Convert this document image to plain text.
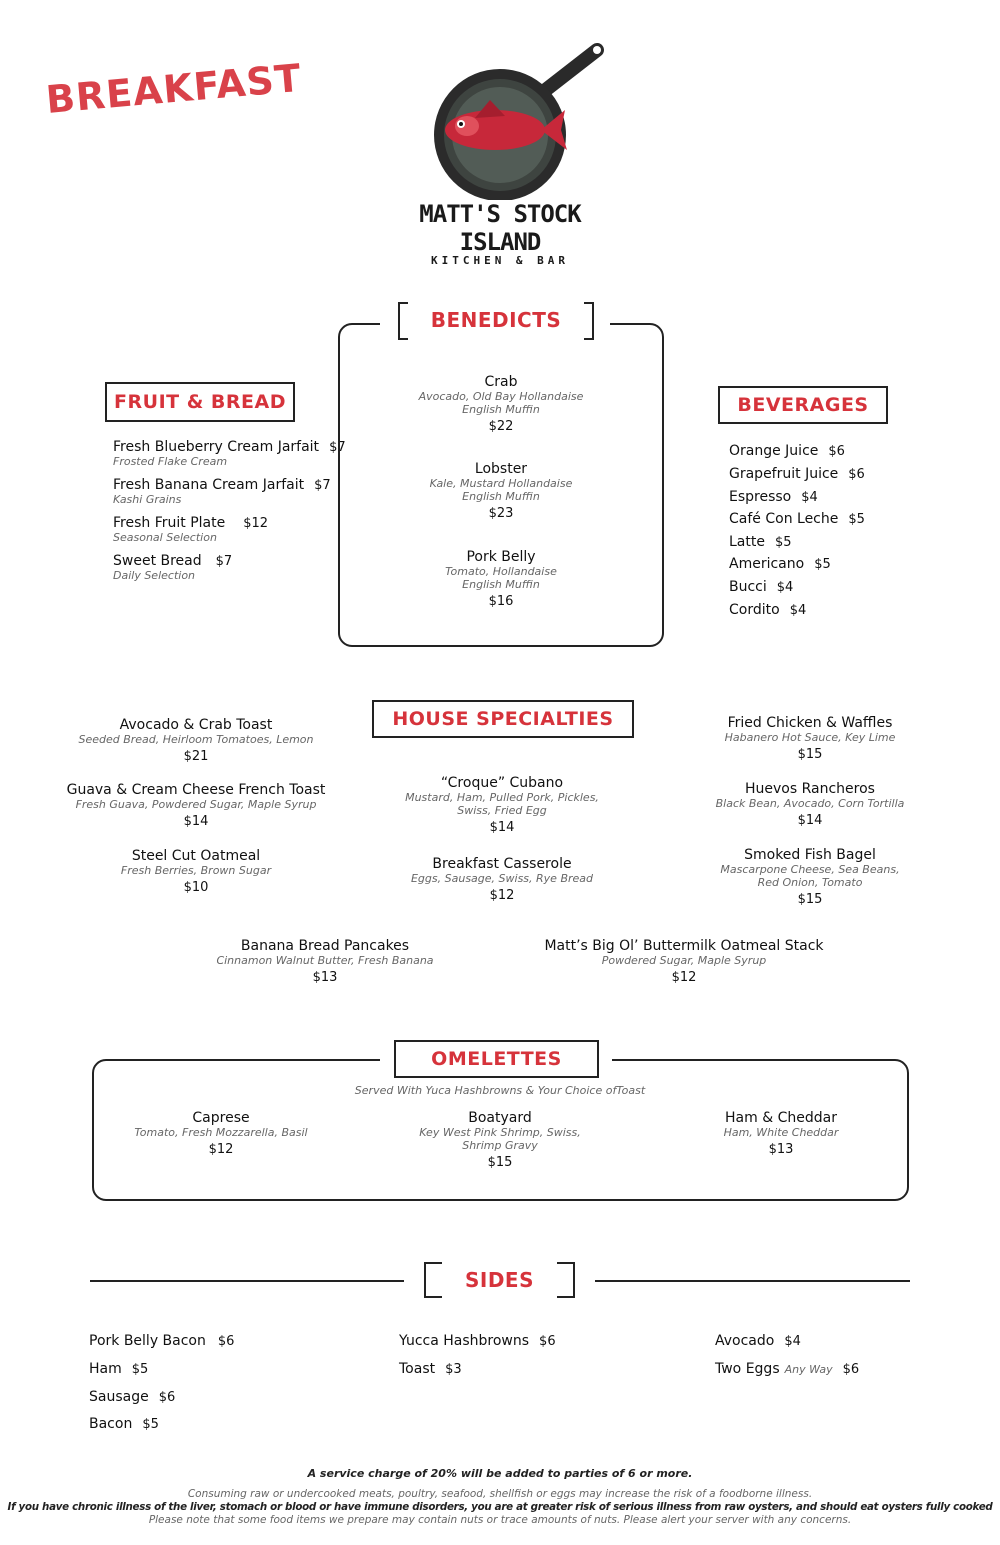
BREAKFAST
MATT'S STOCK ISLAND
KITCHEN & BAR
FRUIT & BREAD
Fresh Blueberry Cream Jarfait $7
Frosted Flake Cream
Fresh Banana Cream Jarfait $7
Kashi Grains
Fresh Fruit Plate $12
Seasonal Selection
Sweet Bread $7
Daily Selection
BENEDICTS
Crab
Avocado, Old Bay Hollandaise
English Muffin
$22
Lobster
Kale, Mustard Hollandaise
English Muffin
$23
Pork Belly
Tomato, Hollandaise
English Muffin
$16
BEVERAGES
Orange Juice $6
Grapefruit Juice $6
Espresso $4
Café Con Leche $5
Latte $5
Americano $5
Bucci $4
Cordito $4
HOUSE SPECIALTIES
Avocado & Crab Toast
Seeded Bread, Heirloom Tomatoes, Lemon
$21
Guava & Cream Cheese French Toast
Fresh Guava, Powdered Sugar, Maple Syrup
$14
Steel Cut Oatmeal
Fresh Berries, Brown Sugar
$10
“Croque” Cubano
Mustard, Ham, Pulled Pork, Pickles,
Swiss, Fried Egg
$14
Breakfast Casserole
Eggs, Sausage, Swiss, Rye Bread
$12
Fried Chicken & Waffles
Habanero Hot Sauce, Key Lime
$15
Huevos Rancheros
Black Bean, Avocado, Corn Tortilla
$14
Smoked Fish Bagel
Mascarpone Cheese, Sea Beans,
Red Onion, Tomato
$15
Banana Bread Pancakes
Cinnamon Walnut Butter, Fresh Banana
$13
Matt’s Big Ol’ Buttermilk Oatmeal Stack
Powdered Sugar, Maple Syrup
$12
OMELETTES
Served With Yuca Hashbrowns & Your Choice ofToast
Caprese
Tomato, Fresh Mozzarella, Basil
$12
Boatyard
Key West Pink Shrimp, Swiss,
Shrimp Gravy
$15
Ham & Cheddar
Ham, White Cheddar
$13
SIDES
Pork Belly Bacon $6
Ham $5
Sausage $6
Bacon $5
Yucca Hashbrowns $6
Toast $3
Avocado $4
Two Eggs Any Way $6
A service charge of 20% will be added to parties of 6 or more.
Consuming raw or undercooked meats, poultry, seafood, shellfish or eggs may increase the risk of a foodborne illness.
If you have chronic illness of the liver, stomach or blood or have immune disorders, you are at greater risk of serious illness from raw oysters, and should eat oysters fully cooked
Please note that some food items we prepare may contain nuts or trace amounts of nuts. Please alert your server with any concerns.
